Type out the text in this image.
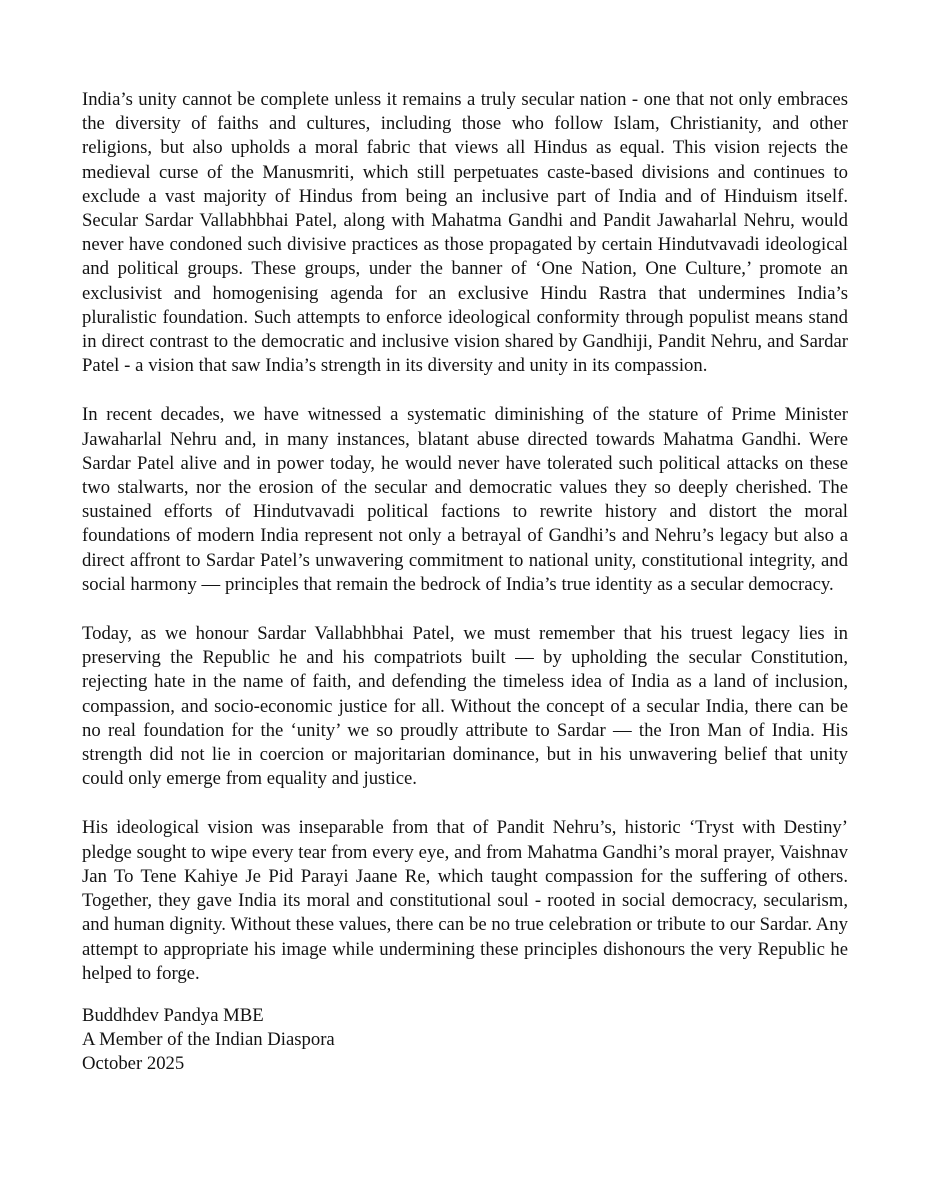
India’s unity cannot be complete unless it remains a truly secular nation - one that not only embraces the diversity of faiths and cultures, including those who follow Islam, Christianity, and other religions, but also upholds a moral fabric that views all Hindus as equal. This vision rejects the medieval curse of the Manusmriti, which still perpetuates caste-based divisions and continues to exclude a vast majority of Hindus from being an inclusive part of India and of Hinduism itself. Secular Sardar Vallabhbhai Patel, along with Mahatma Gandhi and Pandit Jawaharlal Nehru, would never have condoned such divisive practices as those propagated by certain Hindutvavadi ideological and political groups. These groups, under the banner of ‘One Nation, One Culture,’ promote an exclusivist and homogenising agenda for an exclusive Hindu Rastra that undermines India’s pluralistic foundation. Such attempts to enforce ideological conformity through populist means stand in direct contrast to the democratic and inclusive vision shared by Gandhiji, Pandit Nehru, and Sardar Patel - a vision that saw India’s strength in its diversity and unity in its compassion.

In recent decades, we have witnessed a systematic diminishing of the stature of Prime Minister Jawaharlal Nehru and, in many instances, blatant abuse directed towards Mahatma Gandhi. Were Sardar Patel alive and in power today, he would never have tolerated such political attacks on these two stalwarts, nor the erosion of the secular and democratic values they so deeply cherished. The sustained efforts of Hindutvavadi political factions to rewrite history and distort the moral foundations of modern India represent not only a betrayal of Gandhi’s and Nehru’s legacy but also a direct affront to Sardar Patel’s unwavering commitment to national unity, constitutional integrity, and social harmony — principles that remain the bedrock of India’s true identity as a secular democracy.

Today, as we honour Sardar Vallabhbhai Patel, we must remember that his truest legacy lies in preserving the Republic he and his compatriots built — by upholding the secular Constitution, rejecting hate in the name of faith, and defending the timeless idea of India as a land of inclusion, compassion, and socio-economic justice for all. Without the concept of a secular India, there can be no real foundation for the ‘unity’ we so proudly attribute to Sardar — the Iron Man of India. His strength did not lie in coercion or majoritarian dominance, but in his unwavering belief that unity could only emerge from equality and justice.

His ideological vision was inseparable from that of Pandit Nehru’s, historic ‘Tryst with Destiny’ pledge sought to wipe every tear from every eye, and from Mahatma Gandhi’s moral prayer, Vaishnav Jan To Tene Kahiye Je Pid Parayi Jaane Re, which taught compassion for the suffering of others. Together, they gave India its moral and constitutional soul - rooted in social democracy, secularism, and human dignity. Without these values, there can be no true celebration or tribute to our Sardar. Any attempt to appropriate his image while undermining these principles dishonours the very Republic he helped to forge.

Buddhdev Pandya MBE
A Member of the Indian Diaspora
October 2025
